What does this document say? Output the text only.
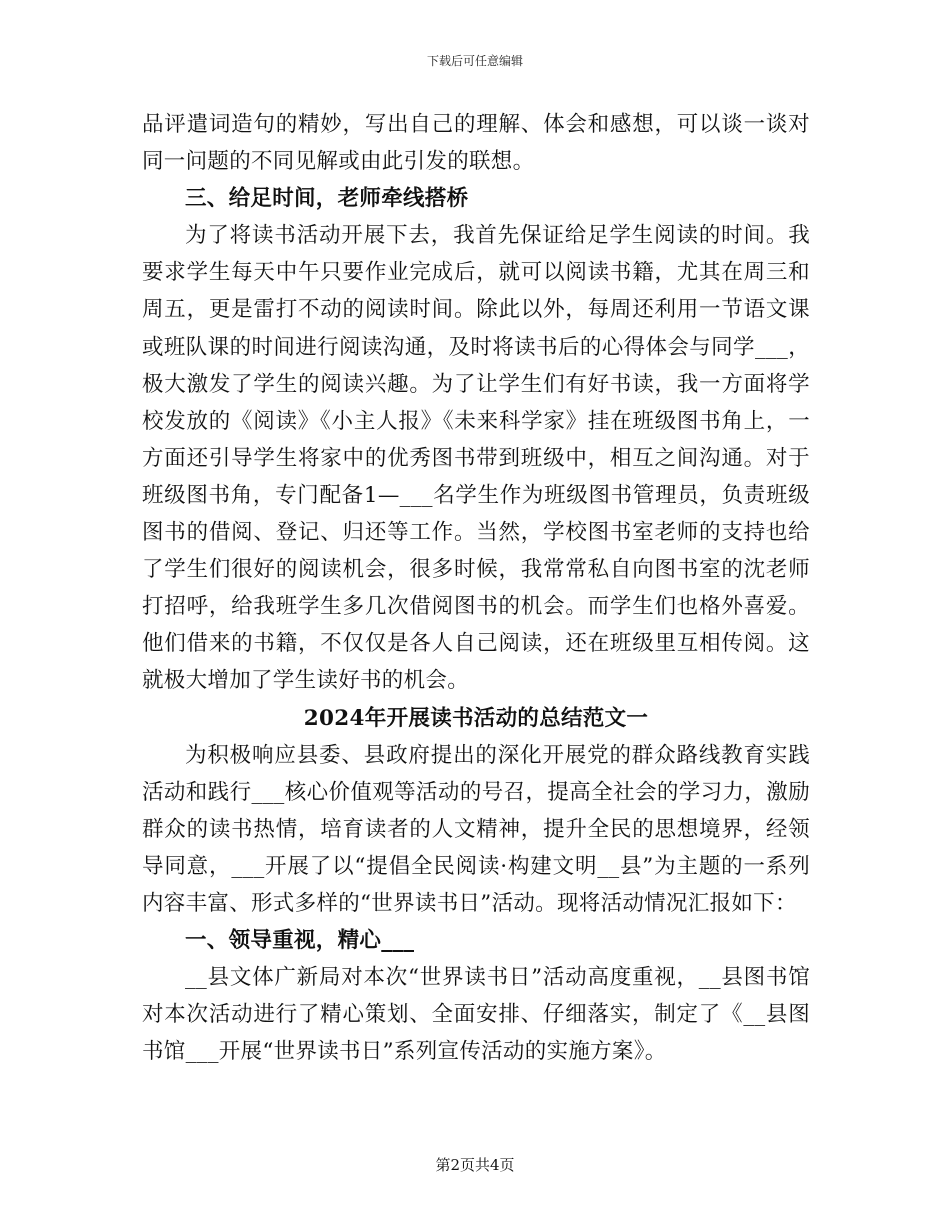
下载后可任意编辑

品评遣词造句的精妙，写出自己的理解、体会和感想，可以谈一谈对同一问题的不同见解或由此引发的联想。

三、给足时间，老师牵线搭桥

为了将读书活动开展下去，我首先保证给足学生阅读的时间。我要求学生每天中午只要作业完成后，就可以阅读书籍，尤其在周三和周五，更是雷打不动的阅读时间。除此以外，每周还利用一节语文课或班队课的时间进行阅读沟通，及时将读书后的心得体会与同学___，极大激发了学生的阅读兴趣。为了让学生们有好书读，我一方面将学校发放的《阅读》《小主人报》《未来科学家》挂在班级图书角上，一方面还引导学生将家中的优秀图书带到班级中，相互之间沟通。对于班级图书角，专门配备1—___名学生作为班级图书管理员，负责班级图书的借阅、登记、归还等工作。当然，学校图书室老师的支持也给了学生们很好的阅读机会，很多时候，我常常私自向图书室的沈老师打招呼，给我班学生多几次借阅图书的机会。而学生们也格外喜爱。他们借来的书籍，不仅仅是各人自己阅读，还在班级里互相传阅。这就极大增加了学生读好书的机会。

2024年开展读书活动的总结范文一

为积极响应县委、县政府提出的深化开展党的群众路线教育实践活动和践行___核心价值观等活动的号召，提高全社会的学习力，激励群众的读书热情，培育读者的人文精神，提升全民的思想境界，经领导同意，___开展了以“提倡全民阅读·构建文明__县”为主题的一系列内容丰富、形式多样的“世界读书日”活动。现将活动情况汇报如下：

一、领导重视，精心___

__县文体广新局对本次“世界读书日”活动高度重视，__县图书馆对本次活动进行了精心策划、全面安排、仔细落实，制定了《__县图书馆___开展“世界读书日”系列宣传活动的实施方案》。

第2页共4页
